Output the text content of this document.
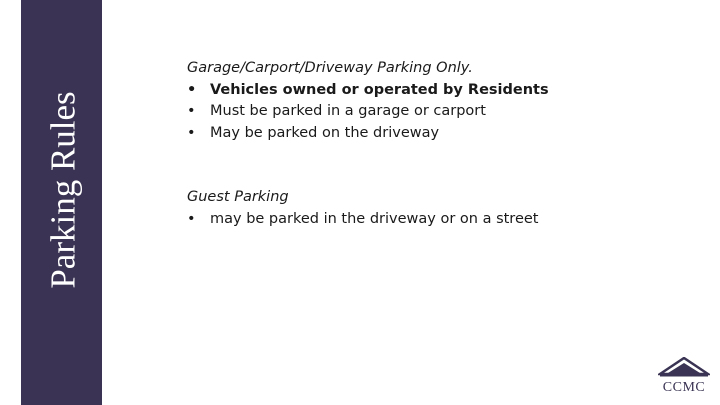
Parking Rules

Garage/Carport/Driveway Parking Only.

• Vehicles owned or operated by Residents
• Must be parked in a garage or carport
• May be parked on the driveway

Guest Parking

• may be parked in the driveway or on a street
CCMC
